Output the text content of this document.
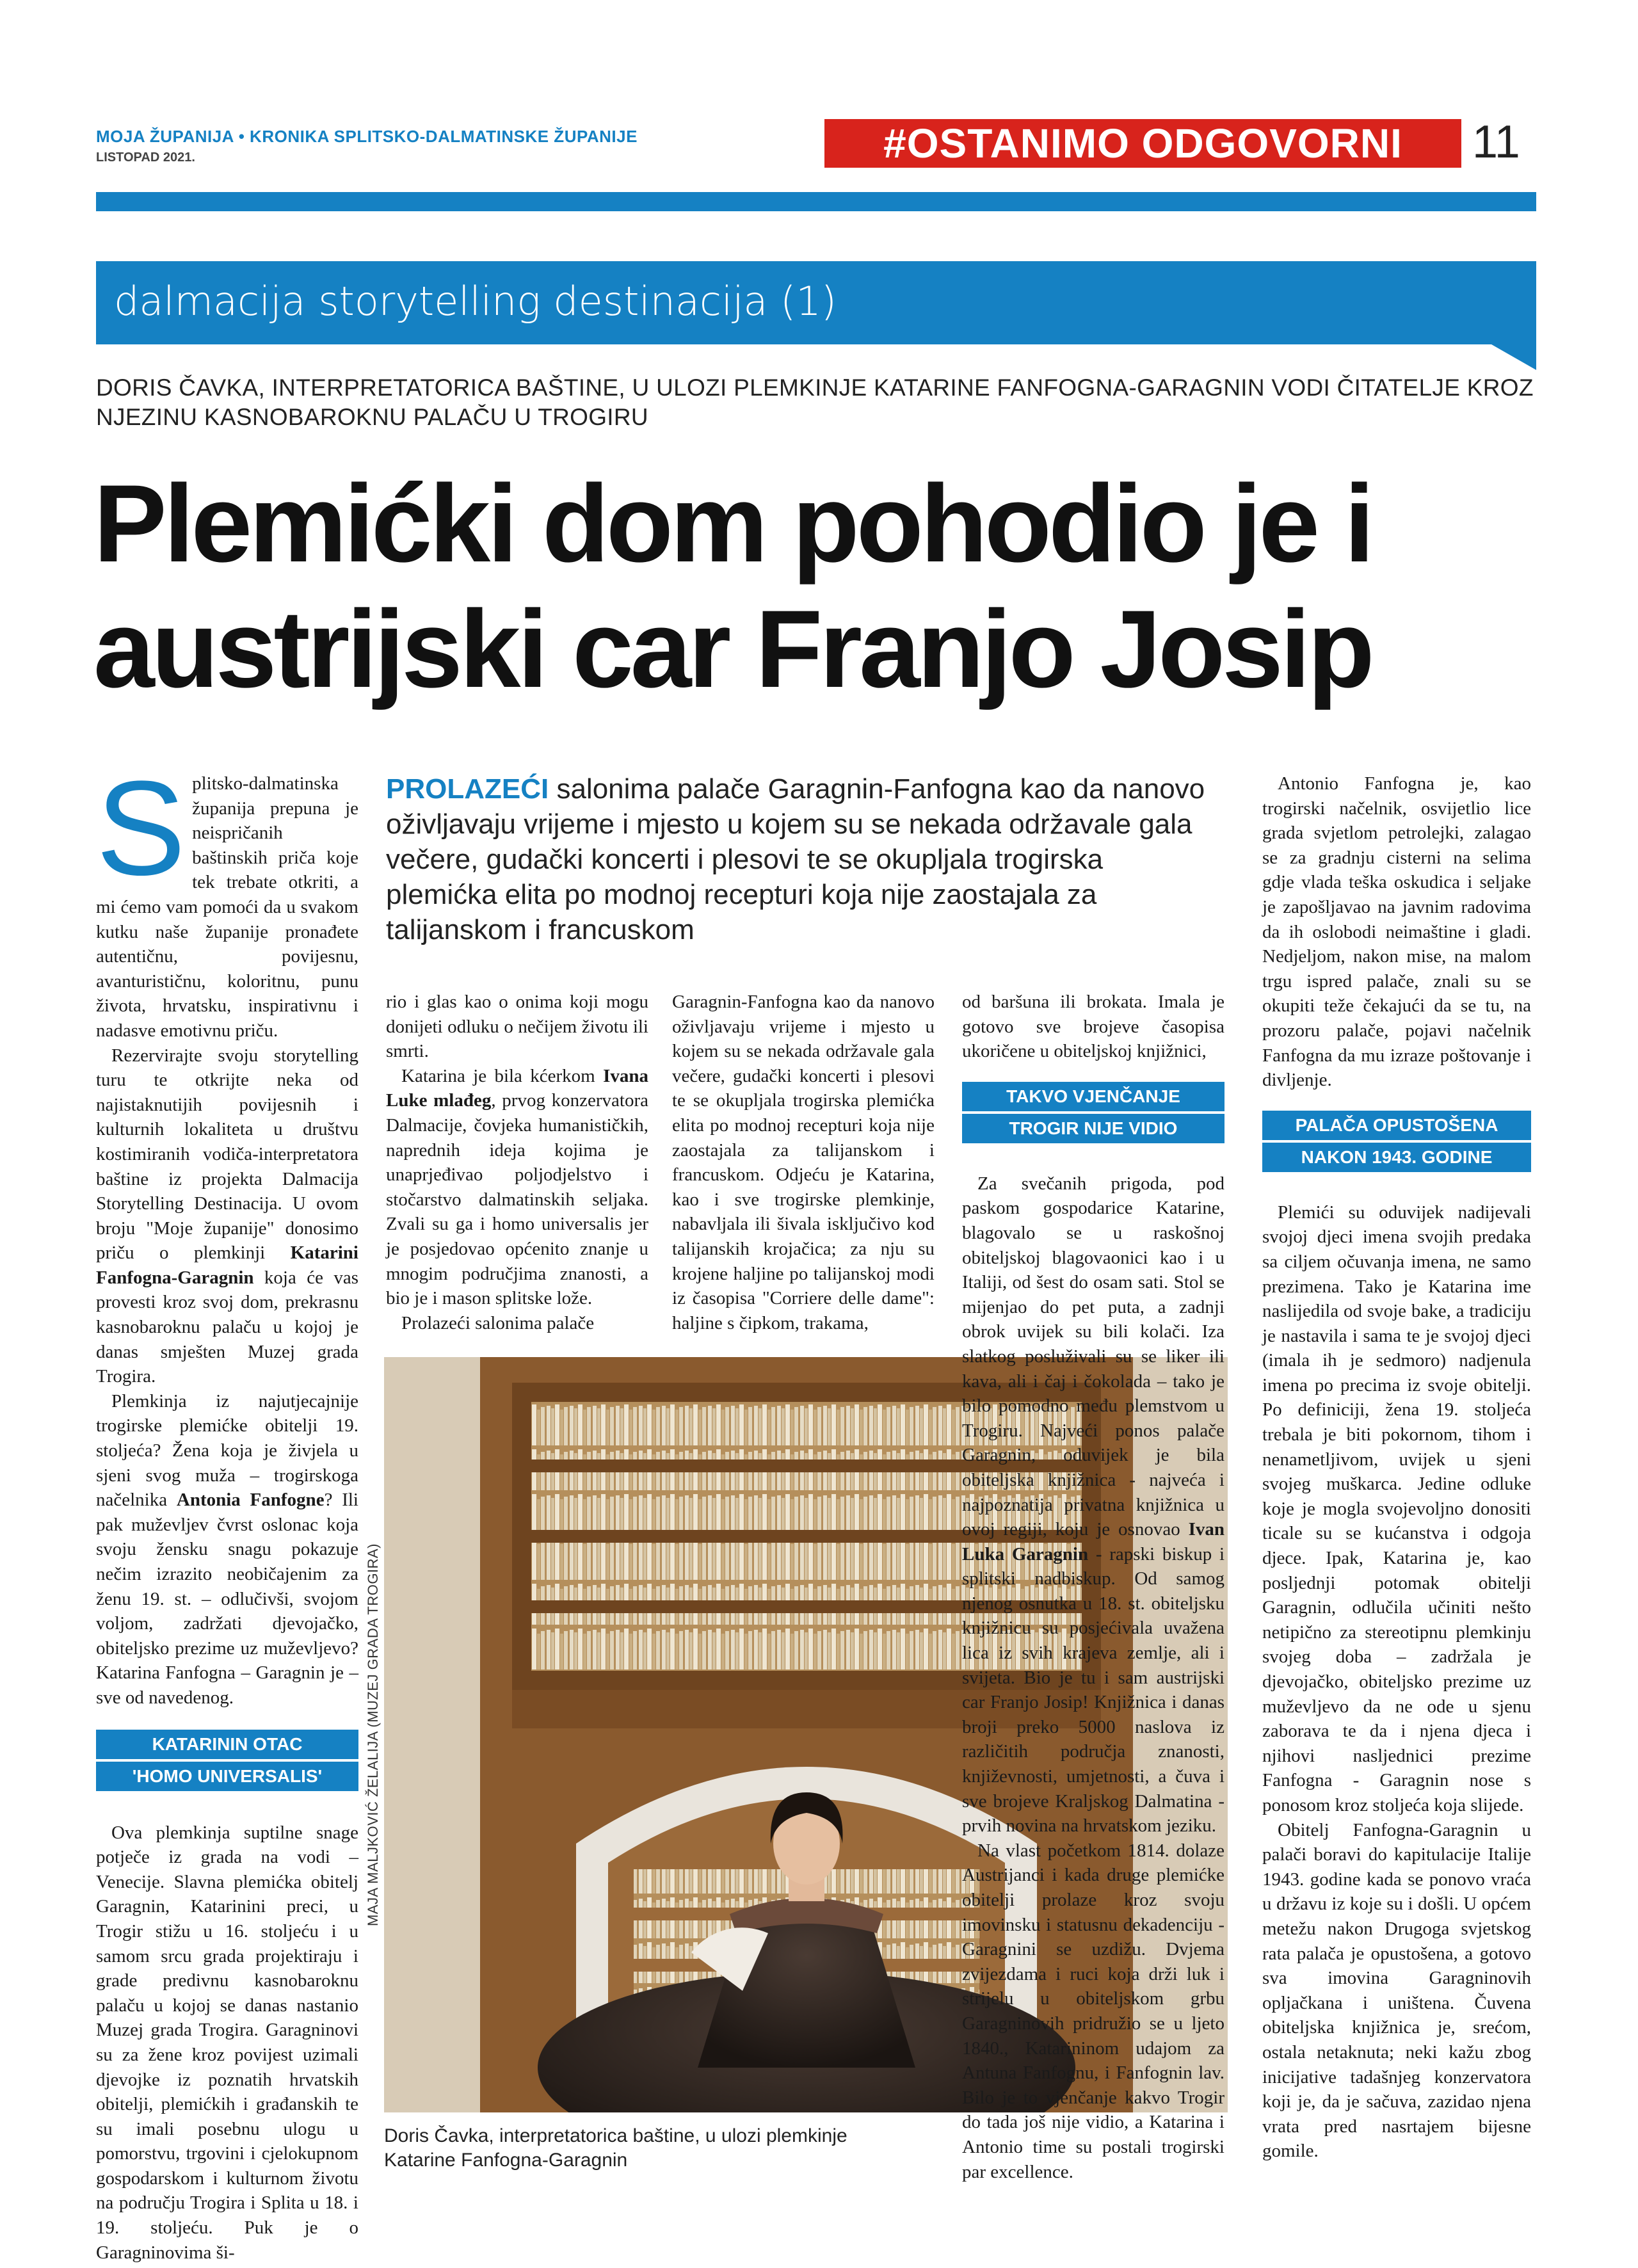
MOJA ŽUPANIJA • KRONIKA SPLITSKO-DALMATINSKE ŽUPANIJE
LISTOPAD 2021.	#OSTANIMO ODGOVORNI	11
dalmacija storytelling destinacija (1)
DORIS ČAVKA, INTERPRETATORICA BAŠTINE, U ULOZI PLEMKINJE KATARINE FANFOGNA-GARAGNIN VODI ČITATELJE KROZ NJEZINU KASNOBAROKNU PALAČU U TROGIRU
Plemićki dom pohodio je i
austrijski car Franjo Josip
S plitsko-dalmatinska županija prepuna je neispričanih baštinskih priča koje tek trebate otkriti, a mi ćemo vam pomoći da u svakom kutku naše županije pronađete autentičnu, povijesnu, avanturističnu, koloritnu, punu života, hrvatsku, inspirativnu i nadasve emotivnu priču.

Rezervirajte svoju storytelling turu te otkrijte neka od najistaknutijih povijesnih i kulturnih lokaliteta u društvu kostimiranih vodiča-interpretatora baštine iz projekta Dalmacija Storytelling Destinacija. U ovom broju "Moje županije" donosimo priču o plemkinji Katarini Fanfogna-Garagnin koja će vas provesti kroz svoj dom, prekrasnu kasnobaroknu palaču u kojoj je danas smješten Muzej grada Trogira.

Plemkinja iz najutjecajnije trogirske plemićke obitelji 19. stoljeća? Žena koja je živjela u sjeni svog muža – trogirskoga načelnika Antonia Fanfogne? Ili pak muževljev čvrst oslonac koja svoju žensku snagu pokazuje nečim izrazito neobičajenim za ženu 19. st. – odlučivši, svojom voljom, zadržati djevojačko, obiteljsko prezime uz muževljevo? Katarina Fanfogna – Garagnin je – sve od navedenog.

KATARININ OTAC
'HOMO UNIVERSALIS'

Ova plemkinja suptilne snage potječe iz grada na vodi – Venecije. Slavna plemićka obitelj Garagnin, Katarinini preci, u Trogir stižu u 16. stoljeću i u samom srcu grada projektiraju i grade predivnu kasnobaroknu palaču u kojoj se danas nastanio Muzej grada Trogira. Garagninovi su za žene kroz povijest uzimali djevojke iz poznatih hrvatskih obitelji, plemićkih i građanskih te su imali posebnu ulogu u pomorstvu, trgovini i cjelokupnom gospodarskom i kulturnom životu na području Trogira i Splita u 18. i 19. stoljeću. Puk je o Garagninovima ši-

PROLAZEĆI salonima palače Garagnin-Fanfogna kao da nanovo oživljavaju vrijeme i mjesto u kojem su se nekada održavale gala večere, gudački koncerti i plesovi te se okupljala trogirska plemićka elita po modnoj recepturi koja nije zaostajala za talijanskom i francuskom

rio i glas kao o onima koji mogu donijeti odluku o nečijem životu ili smrti.

Katarina je bila kćerkom Ivana Luke mlađeg, prvog konzervatora Dalmacije, čovjeka humanističkih, naprednih ideja kojima je unaprjeđivao poljodjelstvo i stočarstvo dalmatinskih seljaka. Zvali su ga i homo universalis jer je posjedovao općenito znanje u mnogim područjima znanosti, a bio je i mason splitske lože.

Prolazeći salonima palače

Garagnin-Fanfogna kao da nanovo oživljavaju vrijeme i mjesto u kojem su se nekada održavale gala večere, gudački koncerti i plesovi te se okupljala trogirska plemićka elita po modnoj recepturi koja nije zaostajala za talijanskom i francuskom. Odjeću je Katarina, kao i sve trogirske plemkinje, nabavljala ili šivala isključivo kod talijanskih krojačica; za nju su krojene haljine po talijanskoj modi iz časopisa "Corriere delle dame": haljine s čipkom, trakama,

MAJA MALJKOVIĆ ŽELALIJA (MUZEJ GRADA TROGIRA)
Doris Čavka, interpretatorica baštine, u ulozi plemkinje Katarine Fanfogna-Garagnin

od baršuna ili brokata. Imala je gotovo sve brojeve časopisa ukoričene u obiteljskoj knjižnici,

TAKVO VJENČANJE
TROGIR NIJE VIDIO

Za svečanih prigoda, pod paskom gospodarice Katarine, blagovalo se u raskošnoj obiteljskoj blagovaonici kao i u Italiji, od šest do osam sati. Stol se mijenjao do pet puta, a zadnji obrok uvijek su bili kolači. Iza slatkog posluživali su se liker ili kava, ali i čaj i čokolada – tako je bilo pomodno među plemstvom u Trogiru. Najveći ponos palače Garagnin, oduvijek je bila obiteljska knjižnica - najveća i najpoznatija privatna knjižnica u ovoj regiji, koju je osnovao Ivan Luka Garagnin - rapski biskup i splitski nadbiskup. Od samog njenog osnutka u 18. st. obiteljsku knjižnicu su posjećivala uvažena lica iz svih krajeva zemlje, ali i svijeta. Bio je tu i sam austrijski car Franjo Josip! Knjižnica i danas broji preko 5000 naslova iz različitih područja znanosti, književnosti, umjetnosti, a čuva i sve brojeve Kraljskog Dalmatina - prvih novina na hrvatskom jeziku.

Na vlast početkom 1814. dolaze Austrijanci i kada druge plemićke obitelji prolaze kroz svoju imovinsku i statusnu dekadenciju - Garagnini se uzdižu. Dvjema zvijezdama i ruci koja drži luk i strijelu u obiteljskom grbu Garagninovih pridružio se u ljeto 1840., Katarininom udajom za Antuna Fanfognu, i Fanfognin lav. Bilo je to vjenčanje kakvo Trogir do tada još nije vidio, a Katarina i Antonio time su postali trogirski par excellence.

Antonio Fanfogna je, kao trogirski načelnik, osvijetlio lice grada svjetlom petrolejki, zalagao se za gradnju cisterni na selima gdje vlada teška oskudica i seljake je zapošljavao na javnim radovima da ih oslobodi neimaštine i gladi. Nedjeljom, nakon mise, na malom trgu ispred palače, znali su se okupiti teže čekajući da se tu, na prozoru palače, pojavi načelnik Fanfogna da mu izraze poštovanje i divljenje.

PALAČA OPUSTOŠENA
NAKON 1943. GODINE

Plemići su oduvijek nadijevali svojoj djeci imena svojih predaka sa ciljem očuvanja imena, ne samo prezimena. Tako je Katarina ime naslijedila od svoje bake, a tradiciju je nastavila i sama te je svojoj djeci (imala ih je sedmoro) nadjenula imena po precima iz svoje obitelji. Po definiciji, žena 19. stoljeća trebala je biti pokornom, tihom i nenametljivom, uvijek u sjeni svojeg muškarca. Jedine odluke koje je mogla svojevoljno donositi ticale su se kućanstva i odgoja djece. Ipak, Katarina je, kao posljednji potomak obitelji Garagnin, odlučila učiniti nešto netipično za stereotipnu plemkinju svojeg doba – zadržala je djevojačko, obiteljsko prezime uz muževljevo da ne ode u sjenu zaborava te da i njena djeca i njihovi nasljednici prezime Fanfogna - Garagnin nose s ponosom kroz stoljeća koja slijede.

Obitelj Fanfogna-Garagnin u palači boravi do kapitulacije Italije 1943. godine kada se ponovo vraća u državu iz koje su i došli. U općem metežu nakon Drugoga svjetskog rata palača je opustošena, a gotovo sva imovina Garagninovih opljačkana i uništena. Čuvena obiteljska knjižnica je, srećom, ostala netaknuta; neki kažu zbog inicijative tadašnjeg konzervatora koji je, da je sačuva, zazidao njena vrata pred nasrtajem bijesne gomile.
